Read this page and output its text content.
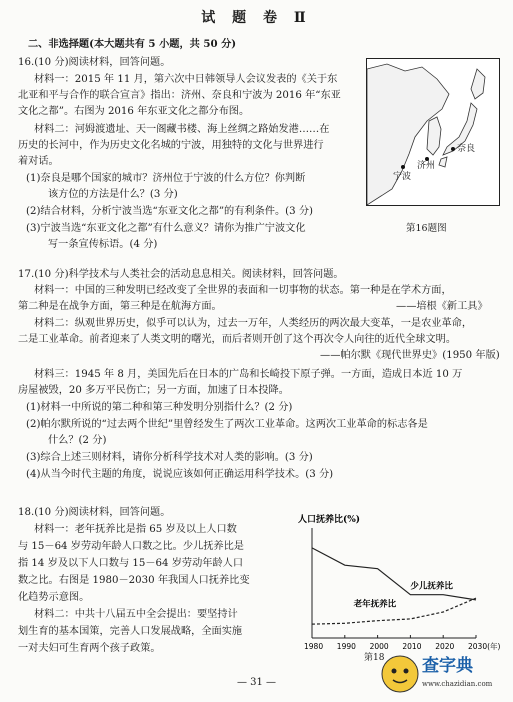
试 题 卷 Ⅱ
二、非选择题(本大题共有 5 小题，共 50 分)
16.(10 分)阅读材料，回答问题。
材料一：2015 年 11 月，第六次中日韩领导人会议发表的《关于东
北亚和平与合作的联合宣言》指出：济州、奈良和宁波为 2016 年“东亚
文化之都”。右图为 2016 年东亚文化之都分布图。
材料二：河姆渡遗址、天一阁藏书楼、海上丝绸之路始发港……在
历史的长河中，作为历史文化名城的宁波，用独特的文化与世界进行
着对话。
(1)奈良是哪个国家的城市？济州位于宁波的什么方位？你判断
该方位的方法是什么？(3 分)
(2)结合材料，分析宁波当选“东亚文化之都”的有利条件。(3 分)
(3)宁波当选“东亚文化之都”有什么意义？请你为推广宁波文化
写一条宣传标语。(4 分)
济州
奈良
宁波
第16题图
17.(10 分)科学技术与人类社会的活动息息相关。阅读材料，回答问题。
材料一：中国的三种发明已经改变了全世界的表面和一切事物的状态。第一种是在学术方面，
第二种是在战争方面，第三种是在航海方面。	——培根《新工具》
材料二：纵观世界历史，似乎可以认为，过去一万年，人类经历的两次最大变革，一是农业革命，
二是工业革命。前者迎来了人类文明的曙光，而后者则开创了这个再次令人向往的近代全球文明。
——帕尔默《现代世界史》(1950 年版)
材料三：1945 年 8 月，美国先后在日本的广岛和长崎投下原子弹。一方面，造成日本近 10 万
房屋被毁，20 多万平民伤亡；另一方面，加速了日本投降。
(1)材料一中所说的第二种和第三种发明分别指什么？(2 分)
(2)帕尔默所说的“过去两个世纪”里曾经发生了两次工业革命。这两次工业革命的标志各是
什么？(2 分)
(3)综合上述三则材料，请你分析科学技术对人类的影响。(3 分)
(4)从当今时代主题的角度，说说应该如何正确运用科学技术。(3 分)
18.(10 分)阅读材料，回答问题。
材料一：老年抚养比是指 65 岁及以上人口数
与 15－64 岁劳动年龄人口数之比。少儿抚养比是
指 14 岁及以下人口数与 15－64 岁劳动年龄人口
数之比。右图是 1980－2030 年我国人口抚养比变
化趋势示意图。
材料二：中共十八届五中全会提出：要坚持计
划生育的基本国策，完善人口发展战略，全面实施
一对夫妇可生育两个孩子政策。
人口抚养比(%)
1980 1990 2000 2010 2020 2030(年)
少儿抚养比
老年抚养比
第18
— 31 —
查字典
www.chazidian.com
